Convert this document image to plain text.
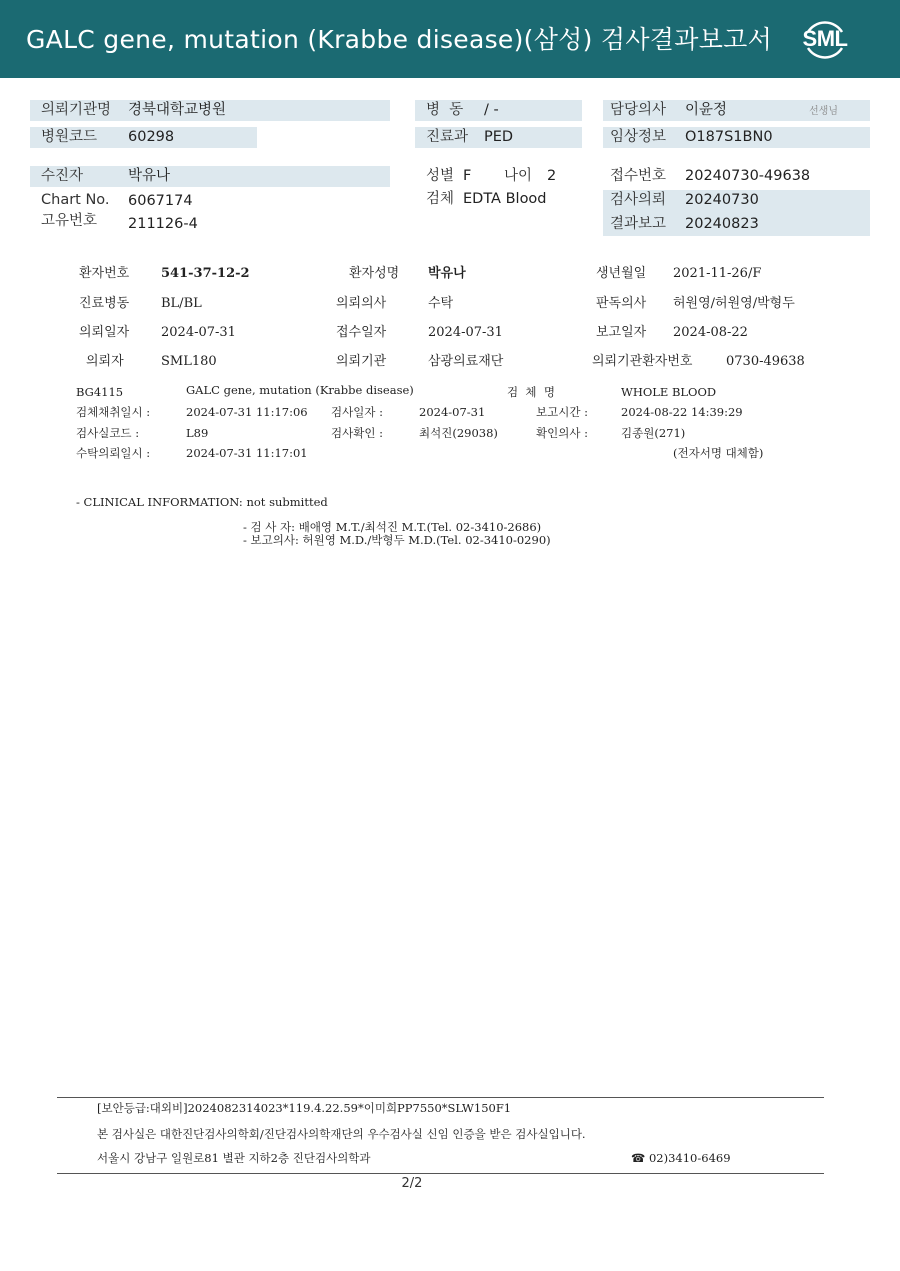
GALC gene, mutation (Krabbe disease)(삼성) 검사결과보고서 SML
의뢰기관명 경북대학교병원	병  동 / -	담당의사 이윤정	선생님
병원코드 60298	진료과 PED	임상정보 O187S1BN0
수진자	박유나	성별 F 나이 2	접수번호 20240730-49638
Chart No. 6067174	검체 EDTA Blood	검사의뢰 20240730
고유번호 211126-4	결과보고 20240823
환자번호 541-37-12-2	환자성명 박유나	생년월일 2021-11-26/F
진료병동 BL/BL	의뢰의사	수탁	판독의사 허원영/허원영/박형두
의뢰일자 2024-07-31	접수일자	2024-07-31	보고일자 2024-08-22
의뢰자	SML180	의뢰기관	삼광의료재단	의뢰기관환자번호	0730-49638
BG4115	GALC gene, mutation (Krabbe disease)	검  체  명	WHOLE BLOOD
검체채취일시 :	2024-07-31 11:17:06 검사일자 :	2024-07-31	보고시간 :	2024-08-22 14:39:29
검사실코드 :	L89	검사확인 :	최석진(29038)	확인의사 :	김종원(271)
수탁의뢰일시 :	2024-07-31 11:17:01	(전자서명 대체함)
- CLINICAL INFORMATION: not submitted
- 검 사 자: 배애영 M.T./최석진 M.T.(Tel. 02-3410-2686)
- 보고의사: 허원영 M.D./박형두 M.D.(Tel. 02-3410-0290)
[보안등급:대외비]2024082314023*119.4.22.59*이미희PP7550*SLW150F1
본 검사실은 대한진단검사의학회/진단검사의학재단의 우수검사실 신임 인증을 받은 검사실입니다.
서울시 강남구 일원로81 별관 지하2층 진단검사의학과	☎ 02)3410-6469
2/2
